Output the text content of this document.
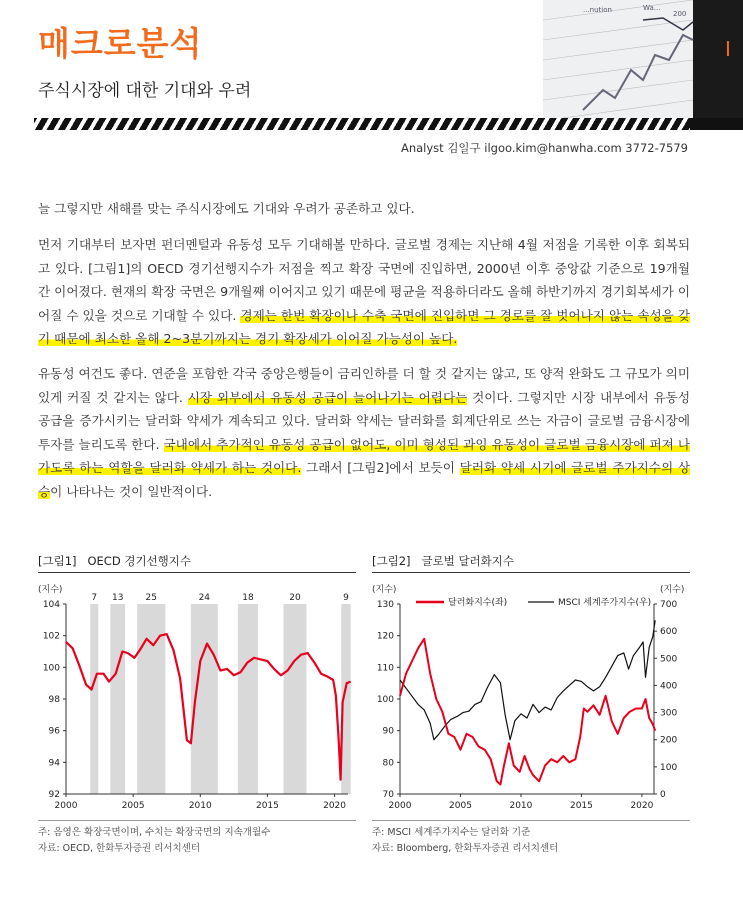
I
...nution	Wa...
200
매크로분석
주식시장에 대한 기대와 우려
Analyst 김일구 ilgoo.kim@hanwha.com 3772-7579
늘 그렇지만 새해를 맞는 주식시장에도 기대와 우려가 공존하고 있다.
먼저 기대부터 보자면 펀더멘털과 유동성 모두 기대해볼 만하다. 글로벌 경제는 지난해 4월 저점을 기록한 이후 회복되고 있다. [그림1]의 OECD 경기선행지수가 저점을 찍고 확장 국면에 진입하면, 2000년 이후 중앙값 기준으로 19개월간 이어졌다. 현재의 확장 국면은 9개월째 이어지고 있기 때문에 평균을 적용하더라도 올해 하반기까지 경기회복세가 이어질 수 있을 것으로 기대할 수 있다. 경제는 한번 확장이나 수축 국면에 진입하면 그 경로를 잘 벗어나지 않는 속성을 갖기 때문에 최소한 올해 2~3분기까지는 경기 확장세가 이어질 가능성이 높다.
유동성 여건도 좋다. 연준을 포함한 각국 중앙은행들이 금리인하를 더 할 것 같지는 않고, 또 양적 완화도 그 규모가 의미있게 커질 것 같지는 않다. 시장 외부에서 유동성 공급이 늘어나기는 어렵다는 것이다. 그렇지만 시장 내부에서 유동성 공급을 증가시키는 달러화 약세가 계속되고 있다. 달러화 약세는 달러화를 회계단위로 쓰는 자금이 글로벌 금융시장에 투자를 늘리도록 한다. 국내에서 추가적인 유동성 공급이 없어도, 이미 형성된 과잉 유동성이 글로벌 금융시장에 퍼져 나가도록 하는 역할을 달러화 약세가 하는 것이다. 그래서 [그림2]에서 보듯이 달러화 약세 시기에 글로벌 주가지수의 상승이 나타나는 것이 일반적이다.
[그림1] OECD 경기선행지수
(지수)
7 13 25	24	18	20	9
92
94
96
98
100
102
104
2000	2005	2010	2015	2020
주: 음영은 확장국면이며, 수치는 확장국면의 지속개월수
자료: OECD, 한화투자증권 리서치센터
[그림2] 글로벌 달러화지수
(지수)	(지수)
달러화지수(좌)	MSCI 세계주가지수(우)
70
80
90
100
110
120
130
0
100
200
300
400
500
600
700
2000	2005	2010	2015	2020
주: MSCI 세계주가지수는 달러화 기준
자료: Bloomberg, 한화투자증권 리서치센터
